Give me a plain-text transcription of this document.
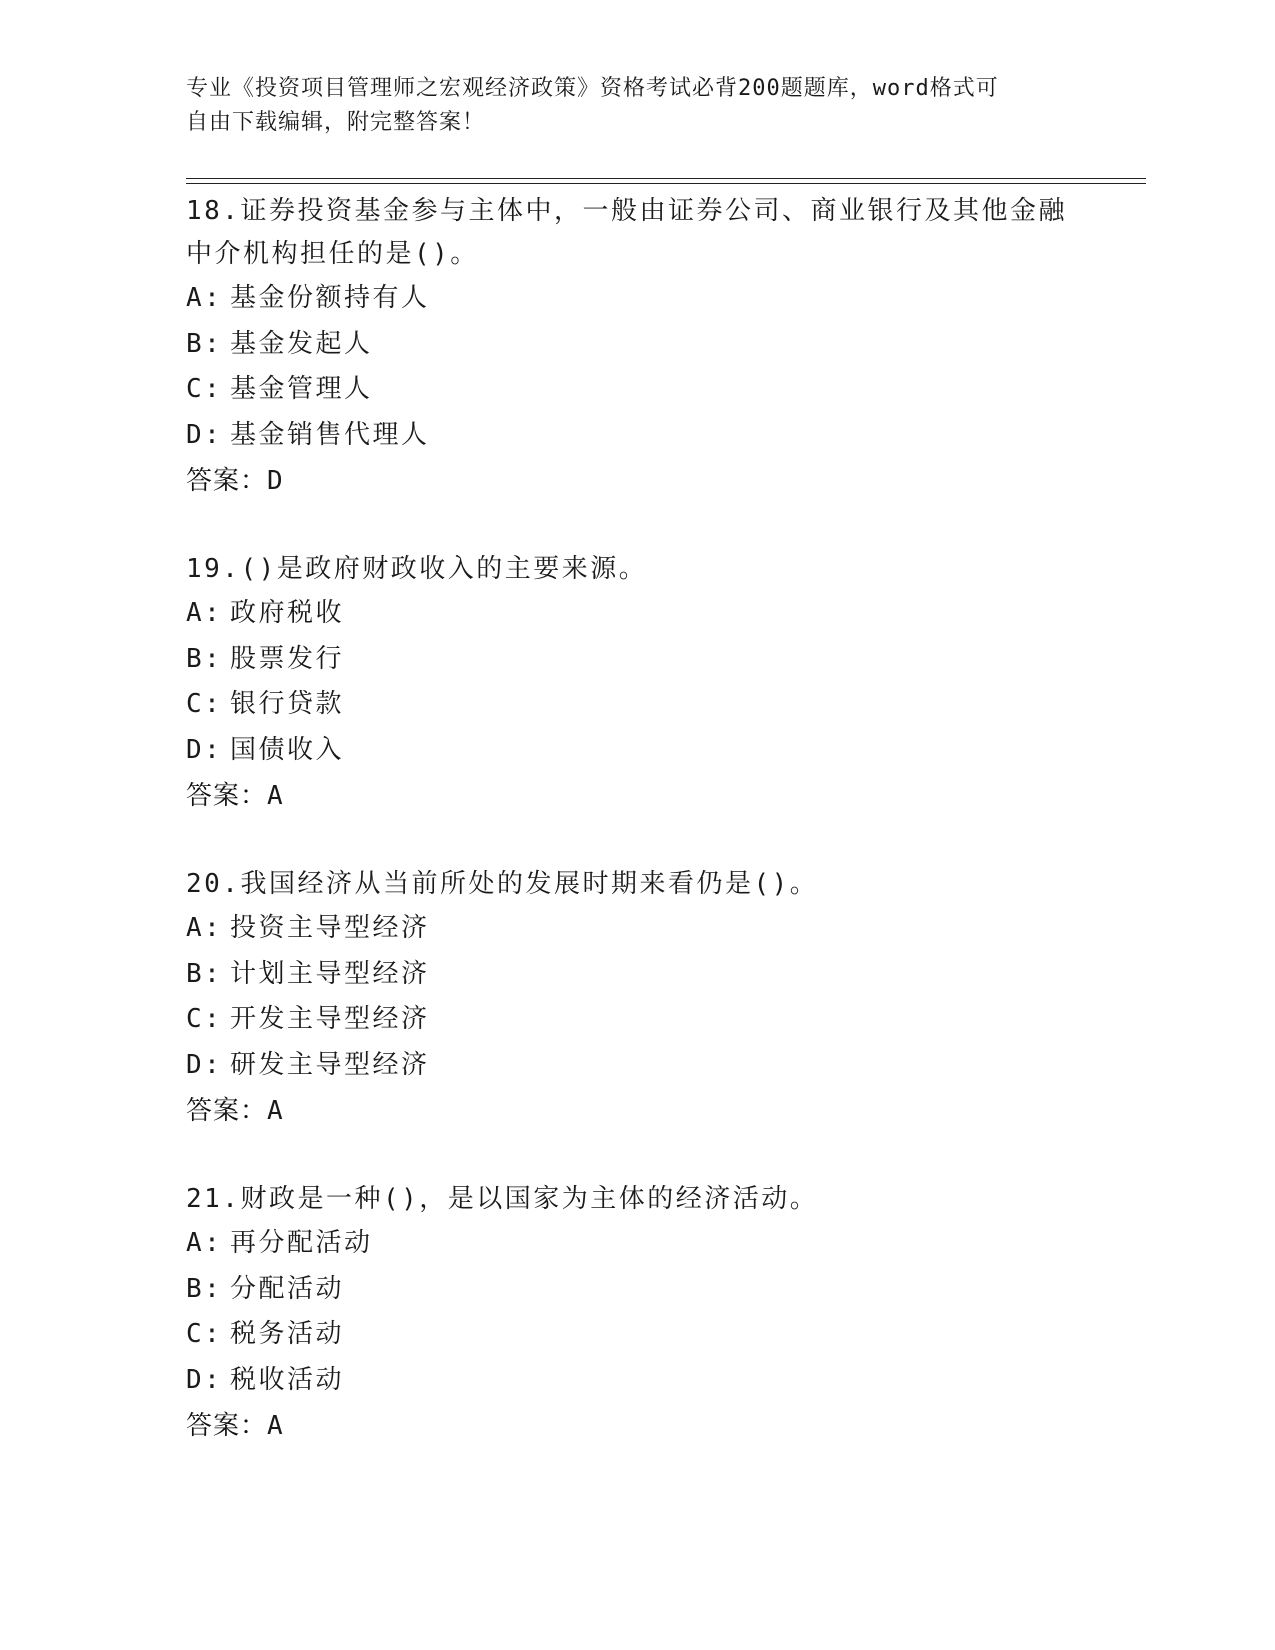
专业《投资项目管理师之宏观经济政策》资格考试必背200题题库，word格式可
自由下载编辑，附完整答案！

18.证券投资基金参与主体中，一般由证券公司、商业银行及其他金融

中介机构担任的是()。

A: 基金份额持有人

B: 基金发起人

C: 基金管理人

D: 基金销售代理人

答案：D

19.()是政府财政收入的主要来源。

A: 政府税收

B: 股票发行

C: 银行贷款

D: 国债收入

答案：A

20.我国经济从当前所处的发展时期来看仍是()。

A: 投资主导型经济

B: 计划主导型经济

C: 开发主导型经济

D: 研发主导型经济

答案：A

21.财政是一种()，是以国家为主体的经济活动。

A: 再分配活动

B: 分配活动

C: 税务活动

D: 税收活动

答案：A
